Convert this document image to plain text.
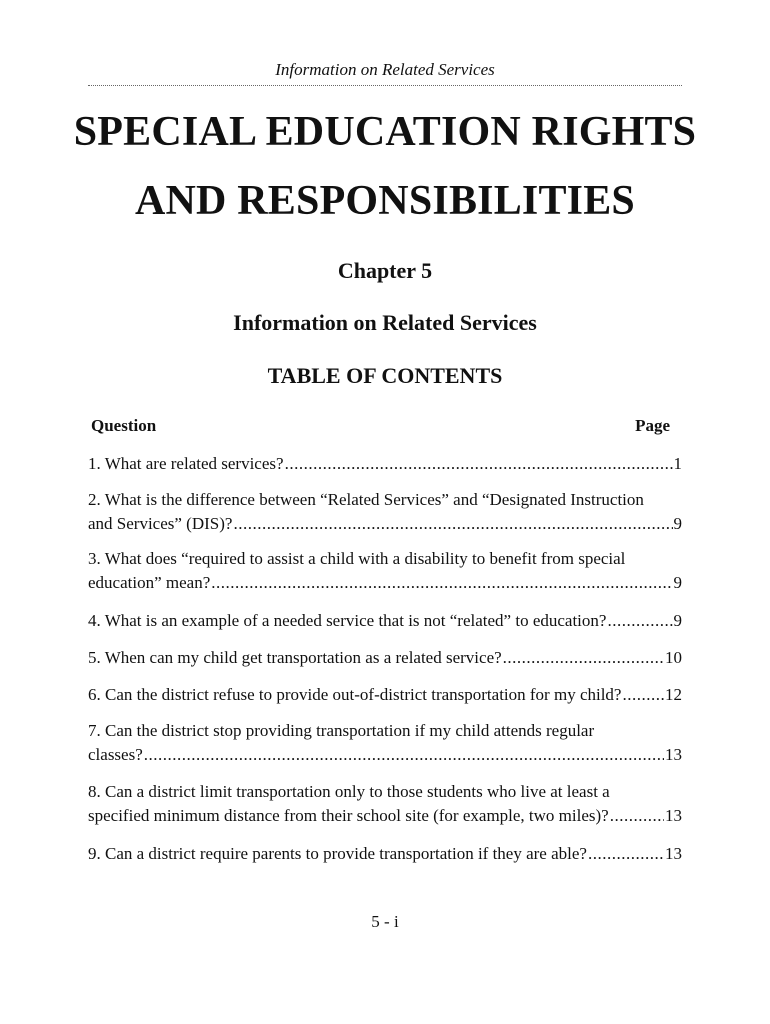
Information on Related Services
SPECIAL EDUCATION RIGHTS
AND RESPONSIBILITIES
Chapter 5
Information on Related Services
TABLE OF CONTENTS
Question	Page
1. What are related services? .....	1
2. What is the difference between “Related Services” and “Designated Instruction
and Services” (DIS)? .....	9
3. What does “required to assist a child with a disability to benefit from special
education” mean? .....	9
4. What is an example of a needed service that is not “related” to education? .....	9
5. When can my child get transportation as a related service? .....	10
6. Can the district refuse to provide out-of-district transportation for my child? .....	12
7. Can the district stop providing transportation if my child attends regular
classes? .....	13
8. Can a district limit transportation only to those students who live at least a
specified minimum distance from their school site (for example, two miles)? .....	13
9. Can a district require parents to provide transportation if they are able? .....	13
5 - i
